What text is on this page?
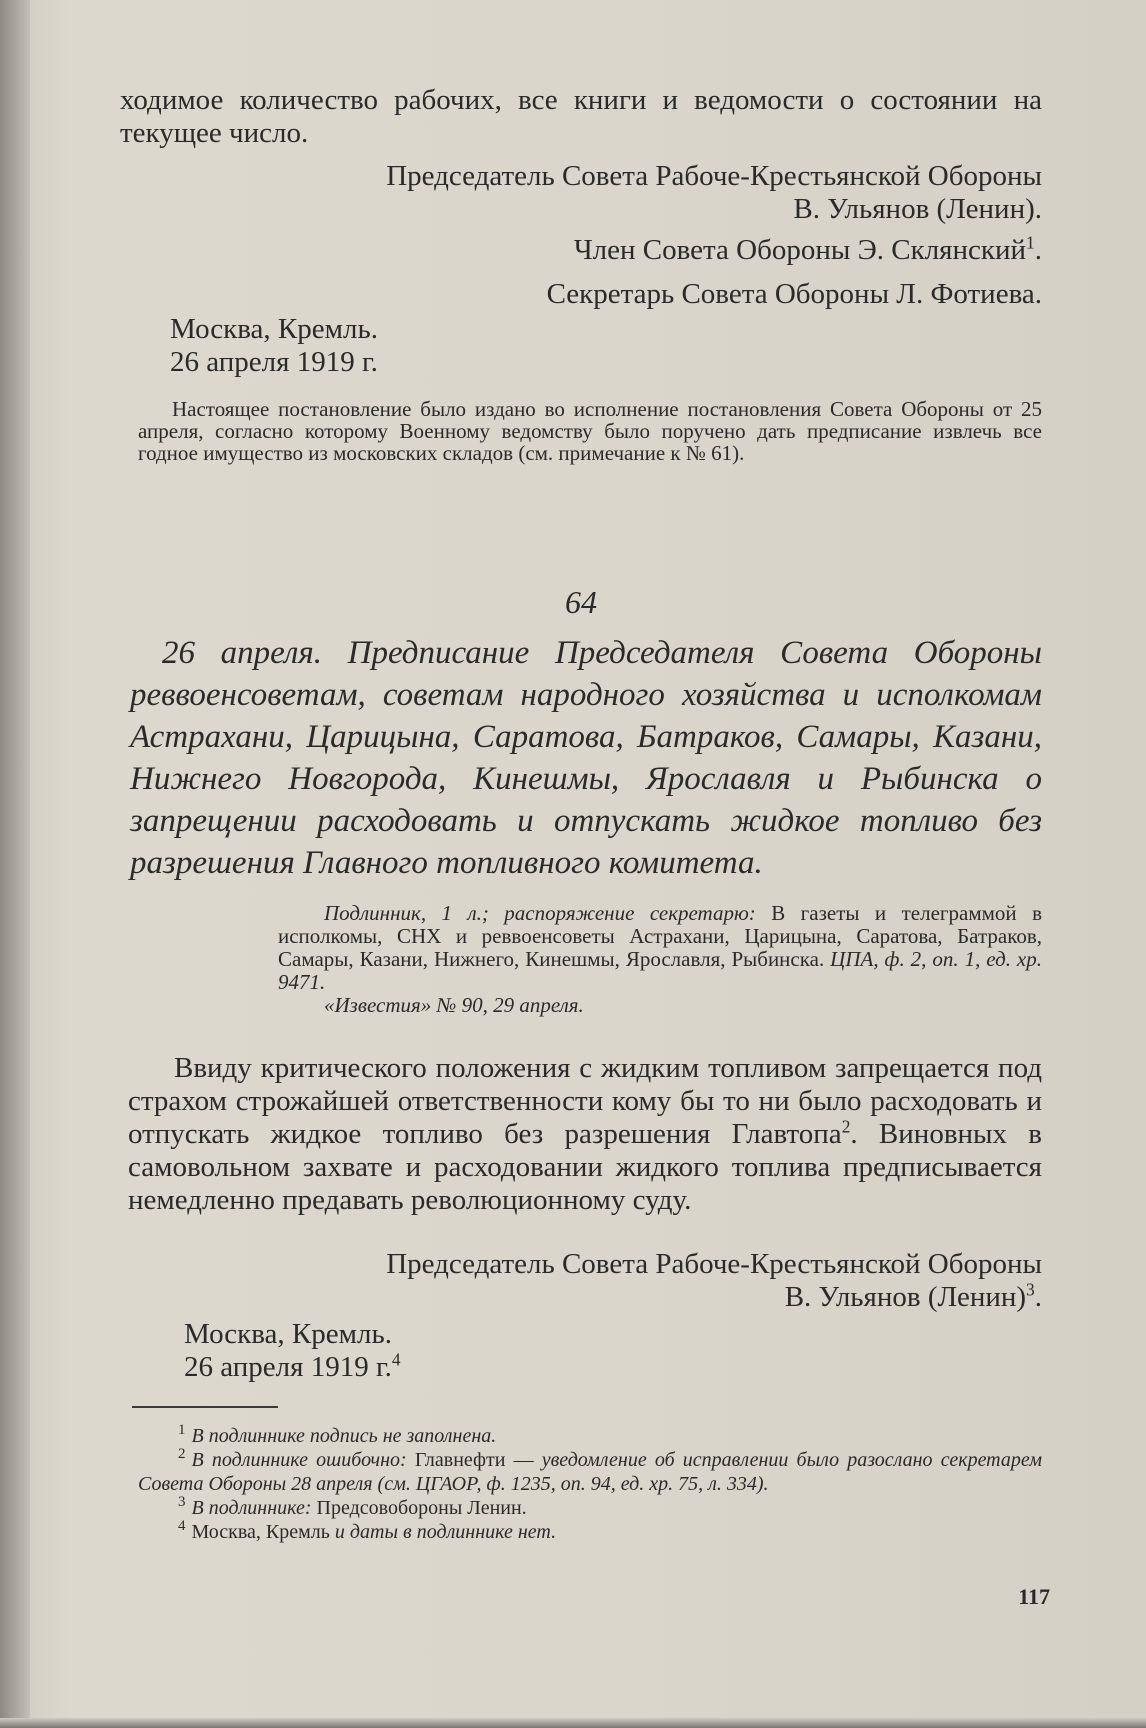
ходимое количество рабочих, все книги и ведомости о состоянии на текущее число.

Председатель Совета Рабоче-Крестьянской Обороны

В. Ульянов (Ленин).

Член Совета Обороны Э. Склянский$^1$.

Секретарь Совета Обороны Л. Фотиева.

Москва, Кремль.

26 апреля 1919 г.

Настоящее постановление было издано во исполнение постановления Совета Обороны от 25 апреля, согласно которому Военному ведомству было поручено дать предписание извлечь все годное имущество из московских складов (см. примечание к № 61).

64

26 апреля. Предписание Председателя Совета Обороны реввоенсоветам, советам народного хозяйства и исполкомам Астрахани, Царицына, Саратова, Батраков, Самары, Казани, Нижнего Новгорода, Кинешмы, Ярославля и Рыбинска о запрещении расходовать и отпускать жидкое топливо без разрешения Главного топливного комитета.

Подлинник, 1 л.; распоряжение секретарю: В газеты и телеграммой в исполкомы, СНХ и реввоенсоветы Астрахани, Царицына, Саратова, Батраков, Самары, Казани, Нижнего, Кинешмы, Ярославля, Рыбинска. ЦПА, ф. 2, оп. 1, ед. хр. 9471.

«Известия» № 90, 29 апреля.

Ввиду критического положения с жидким топливом запрещается под страхом строжайшей ответственности кому бы то ни было расходовать и отпускать жидкое топливо без разрешения Главтопа$^2$. Виновных в самовольном захвате и расходовании жидкого топлива предписывается немедленно предавать революционному суду.

Председатель Совета Рабоче-Крестьянской Обороны

В. Ульянов (Ленин)$^3$.

Москва, Кремль.

26 апреля 1919 г.$^4$

$^1$ В подлиннике подпись не заполнена.

$^2$ В подлиннике ошибочно: Главнефти — уведомление об исправлении было разослано секретарем Совета Обороны 28 апреля (см. ЦГАОР, ф. 1235, оп. 94, ед. хр. 75, л. 334).

$^3$ В подлиннике: Предсовобороны Ленин.

$^4$ Москва, Кремль и даты в подлиннике нет.

117
